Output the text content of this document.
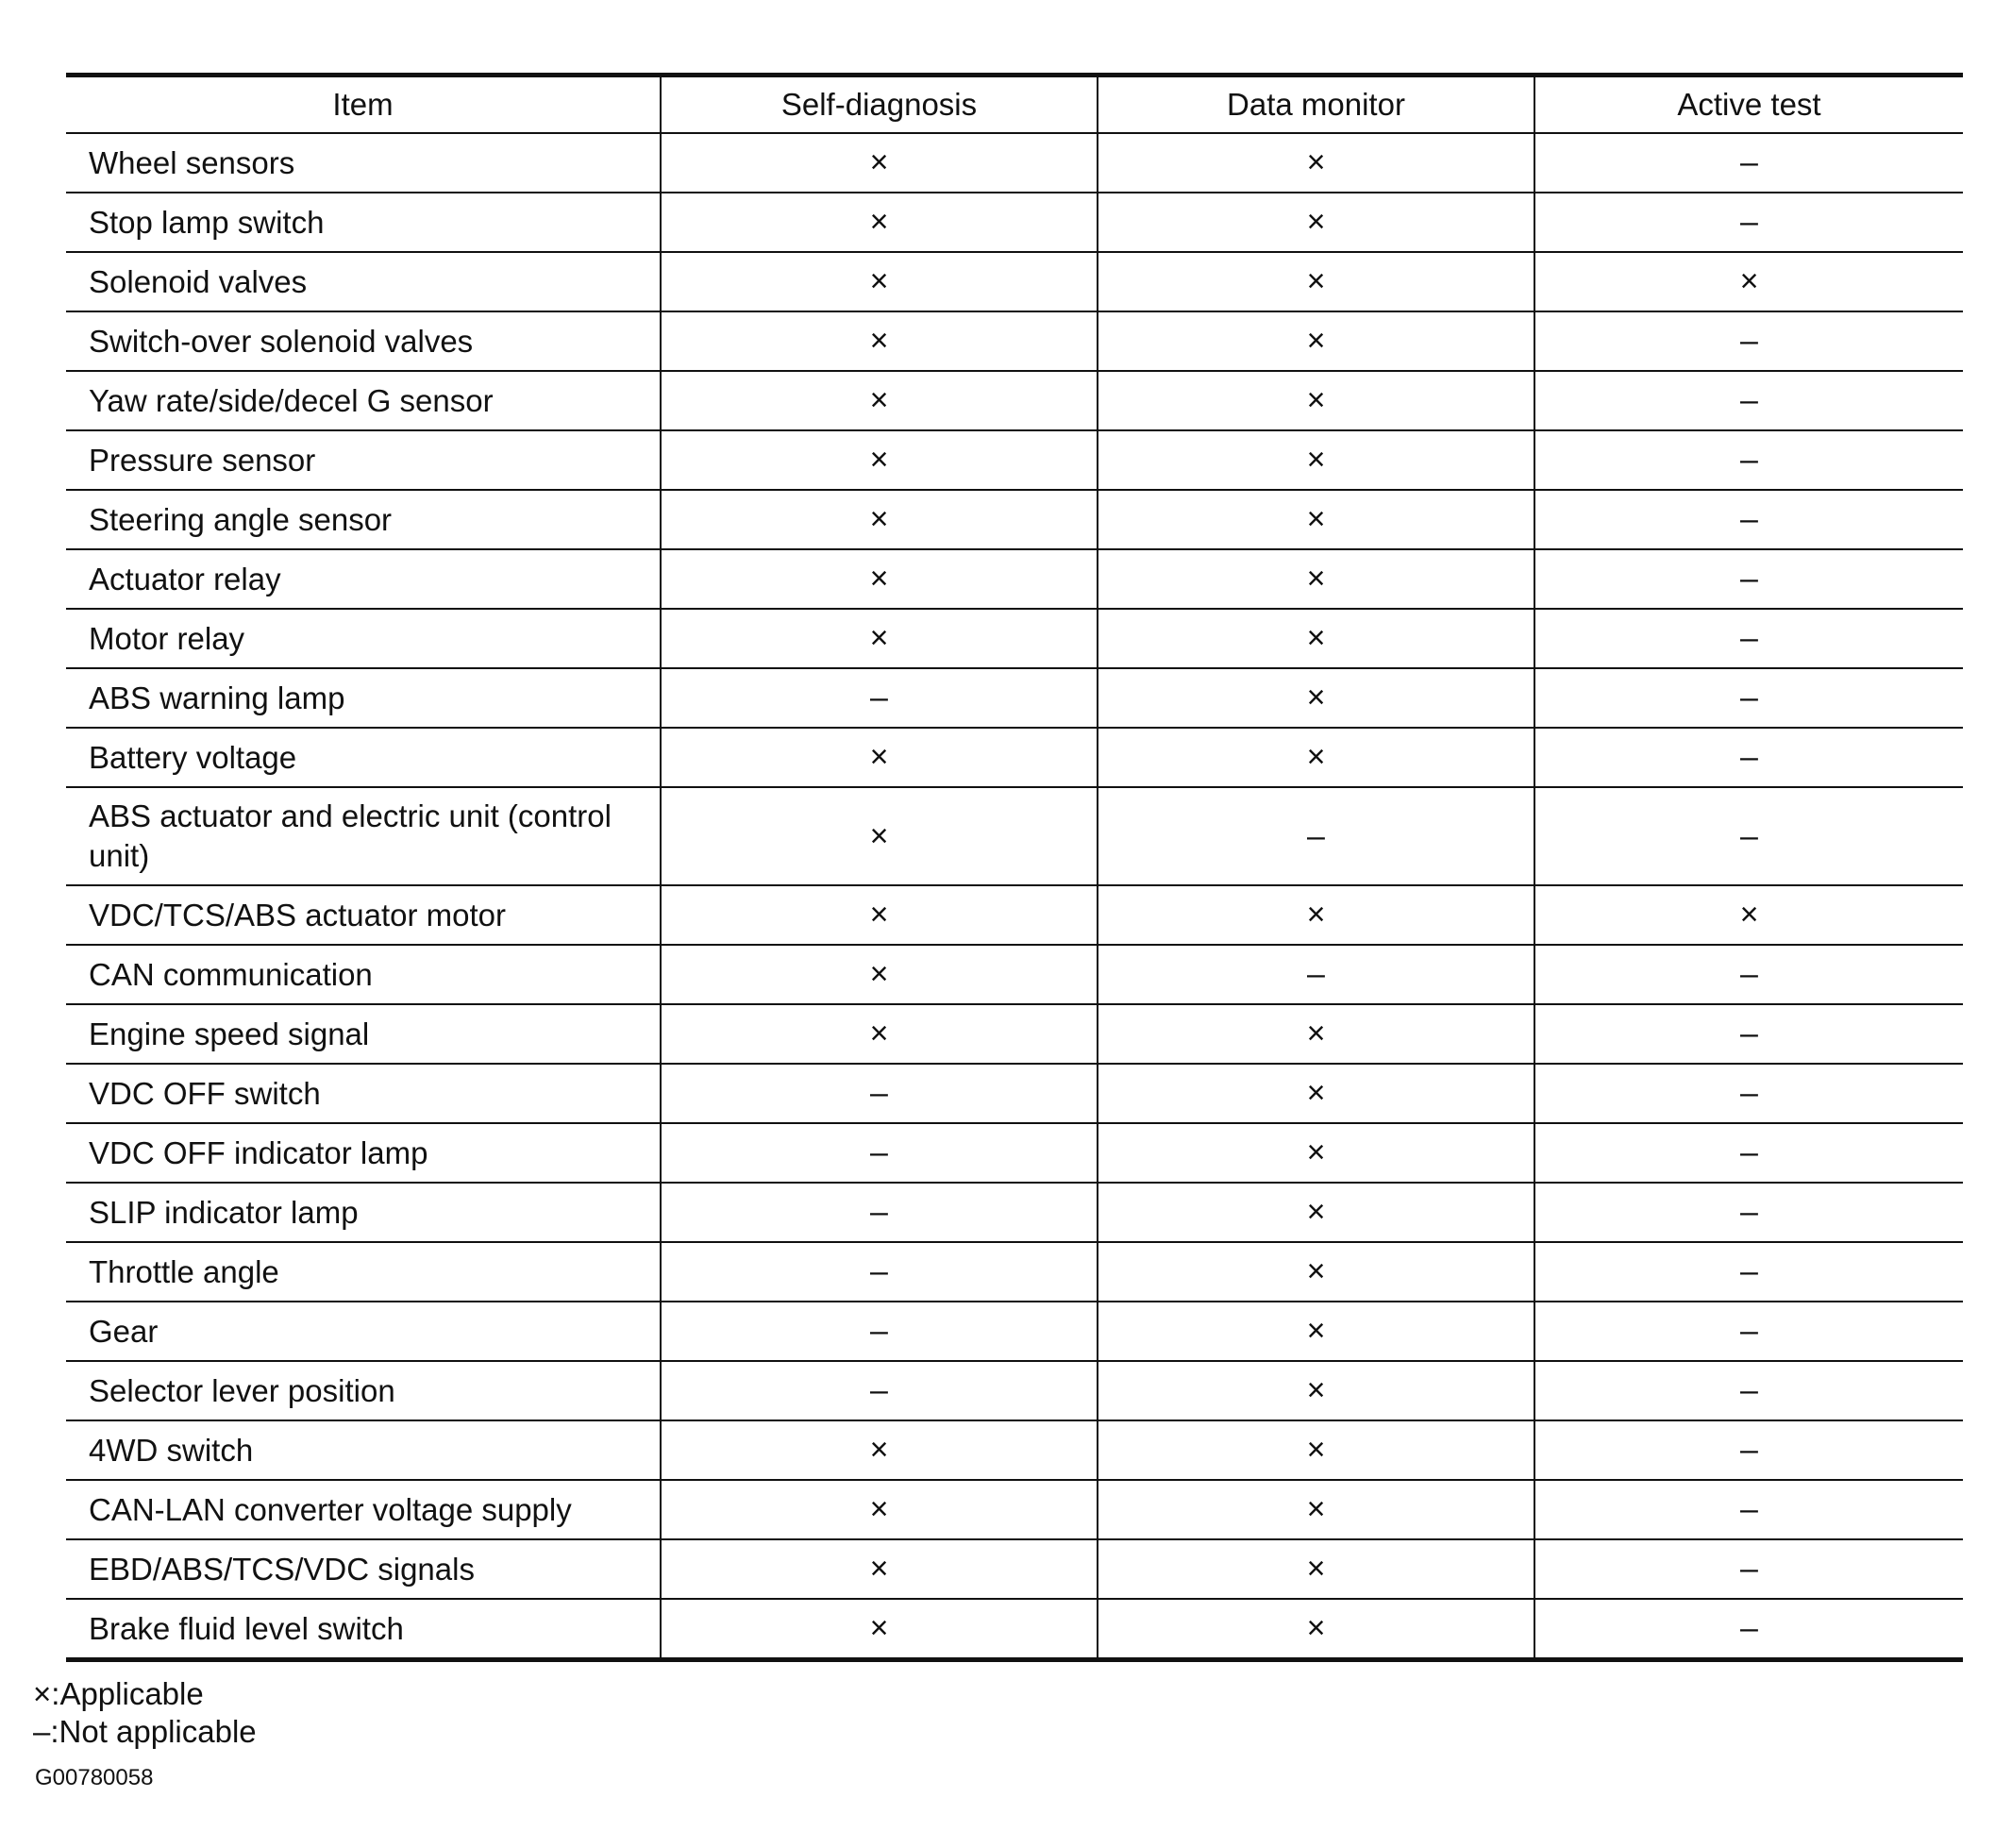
Item	Self-diagnosis	Data monitor	Active test
Wheel sensors	×	×	–
Stop lamp switch	×	×	–
Solenoid valves	×	×	×
Switch-over solenoid valves	×	×	–
Yaw rate/side/decel G sensor	×	×	–
Pressure sensor	×	×	–
Steering angle sensor	×	×	–
Actuator relay	×	×	–
Motor relay	×	×	–
ABS warning lamp	–	×	–
Battery voltage	×	×	–
ABS actuator and electric unit (control unit)	×	–	–
VDC/TCS/ABS actuator motor	×	×	×
CAN communication	×	–	–
Engine speed signal	×	×	–
VDC OFF switch	–	×	–
VDC OFF indicator lamp	–	×	–
SLIP indicator lamp	–	×	–
Throttle angle	–	×	–
Gear	–	×	–
Selector lever position	–	×	–
4WD switch	×	×	–
CAN-LAN converter voltage supply	×	×	–
EBD/ABS/TCS/VDC signals	×	×	–
Brake fluid level switch	×	×	–
×:Applicable
–:Not applicable
G00780058
